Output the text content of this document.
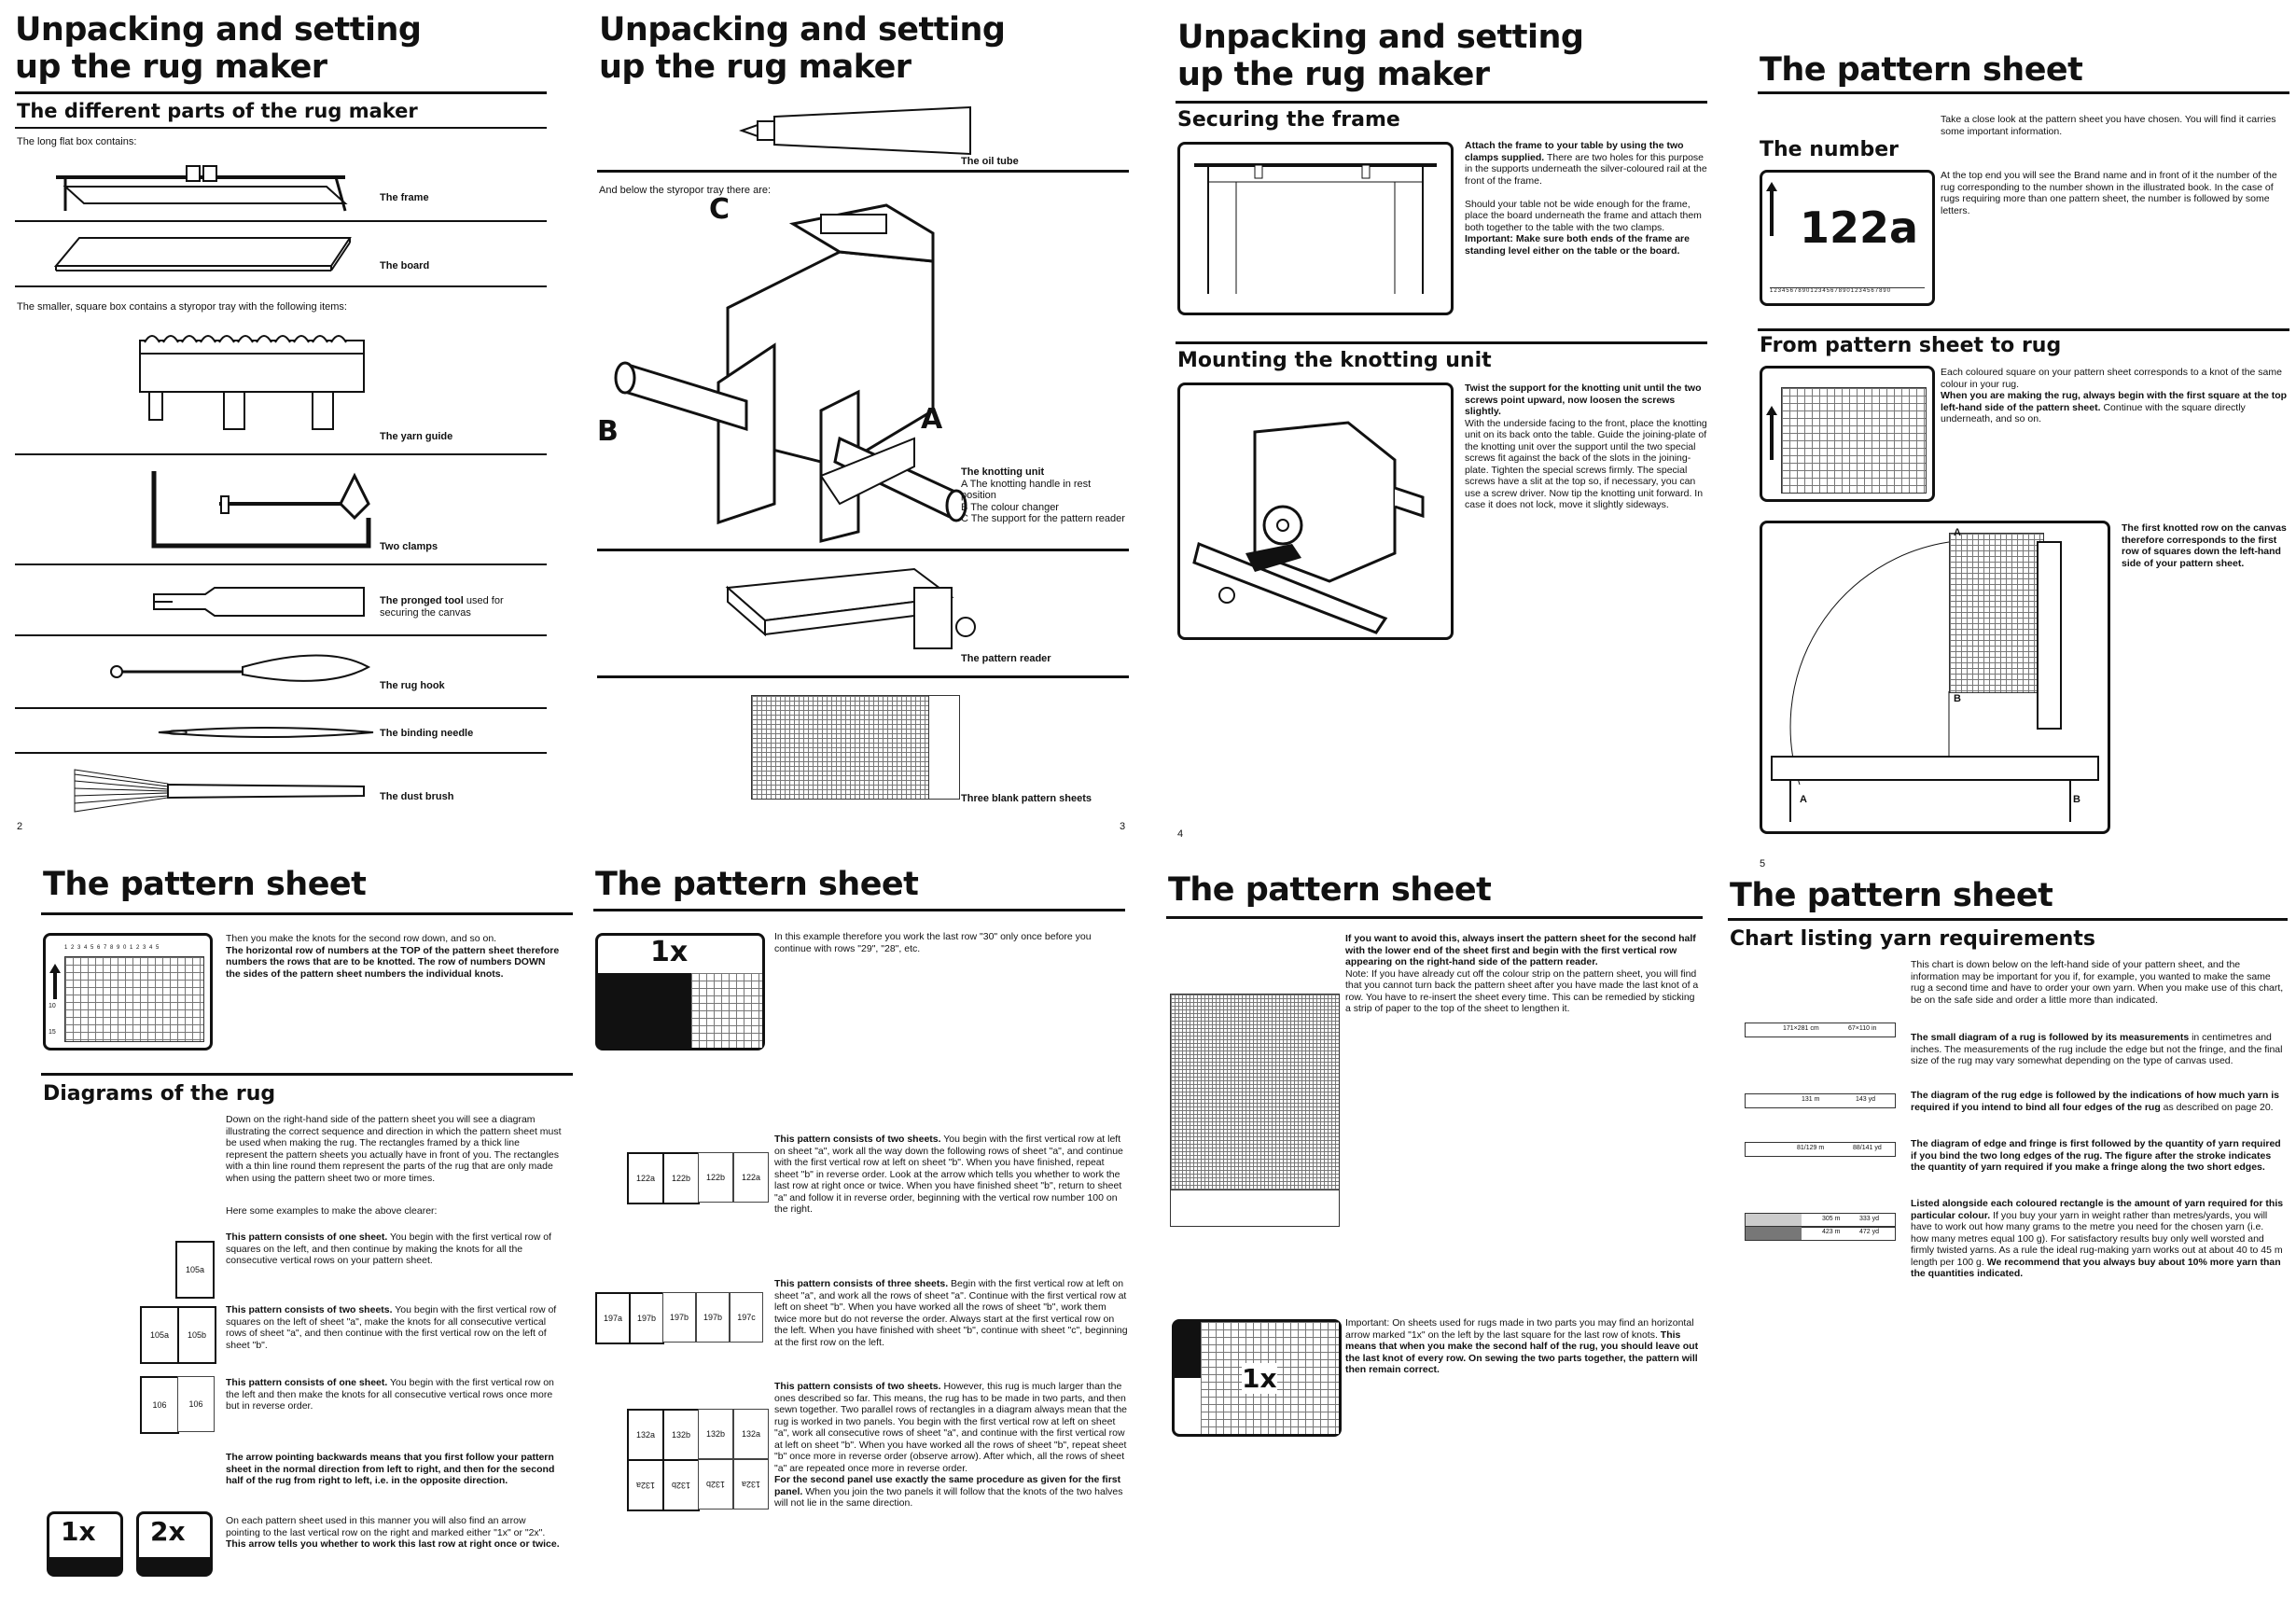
Unpacking and setting up the rug maker
The different parts of the rug maker
The long flat box contains:
The frame
The board
The smaller, square box contains a styropor tray with the following items:
The yarn guide
Two clamps
The pronged tool used for securing the canvas
The rug hook
The binding needle
The dust brush
2
Unpacking and setting up the rug maker
The oil tube
And below the styropor tray there are:
C
B	A
The knotting unit
A The knotting handle in rest position
B The colour changer
C The support for the pattern reader
The pattern reader
Three blank pattern sheets
3
Unpacking and setting up the rug maker
Securing the frame
Attach the frame to your table by using the two clamps supplied. There are two holes for this purpose in the supports underneath the silver-coloured rail at the front of the frame.

Should your table not be wide enough for the frame, place the board underneath the frame and attach them both together to the table with the two clamps.
Important: Make sure both ends of the frame are standing level either on the table or the board.
Mounting the knotting unit
Twist the support for the knotting unit until the two screws point upward, now loosen the screws slightly.
With the underside facing to the front, place the knotting unit on its back onto the table. Guide the joining-plate of the knotting unit over the support until the two special screws fit against the back of the slots in the joining-plate. Tighten the special screws firmly. The special screws have a slit at the top so, if necessary, you can use a screw driver. Now tip the knotting unit forward. In case it does not lock, move it slightly sideways.
4
The pattern sheet
Take a close look at the pattern sheet you have chosen. You will find it carries some important information.
The number
122a
123456789012345678901234567890
At the top end you will see the Brand name and in front of it the number of the rug corresponding to the number shown in the illustrated book. In the case of rugs requiring more than one pattern sheet, the number is followed by some letters.
From pattern sheet to rug
Each coloured square on your pattern sheet corresponds to a knot of the same colour in your rug.
When you are making the rug, always begin with the first square at the top left-hand side of the pattern sheet. Continue with the square directly underneath, and so on.
A
B
A	B
The first knotted row on the canvas therefore corresponds to the first row of squares down the left-hand side of your pattern sheet.
5
The pattern sheet
1 2 3 4 5 6 7 8 9 0 1 2 3 4 5
10
15
Then you make the knots for the second row down, and so on.
The horizontal row of numbers at the TOP of the pattern sheet therefore numbers the rows that are to be knotted. The row of numbers DOWN the sides of the pattern sheet numbers the individual knots.
Diagrams of the rug
Down on the right-hand side of the pattern sheet you will see a diagram illustrating the correct sequence and direction in which the pattern sheet must be used when making the rug. The rectangles framed by a thick line represent the pattern sheets you actually have in front of you. The rectangles with a thin line round them represent the parts of the rug that are only made when using the pattern sheet two or more times.
Here some examples to make the above clearer:
105a
This pattern consists of one sheet. You begin with the first vertical row of squares on the left, and then continue by making the knots for all the consecutive vertical rows on your pattern sheet.
105a	105b
This pattern consists of two sheets. You begin with the first vertical row of squares on the left of sheet "a", make the knots for all consecutive vertical rows of sheet "a", and then continue with the first vertical row on the left of sheet "b".
106	106
This pattern consists of one sheet. You begin with the first vertical row on the left and then make the knots for all consecutive vertical rows once more but in reverse order.
The arrow pointing backwards means that you first follow your pattern sheet in the normal direction from left to right, and then for the second half of the rug from right to left, i.e. in the opposite direction.
1x 2x	On each pattern sheet used in this manner you will also find an arrow pointing to the last vertical row on the right and marked either "1x" or "2x". This arrow tells you whether to work this last row at right once or twice.
The pattern sheet
1x	In this example therefore you work the last row "30" only once before you continue with rows "29", "28", etc.
122a	122b	122b	122a
This pattern consists of two sheets. You begin with the first vertical row at left on sheet "a", work all the way down the following rows of sheet "a", and continue with the first vertical row at left on sheet "b". When you have finished, repeat sheet "b" in reverse order. Look at the arrow which tells you whether to work the last row at right once or twice. When you have finished sheet "b", return to sheet "a" and follow it in reverse order, beginning with the vertical row number 100 on the right.
197a	197b	197b	197b	197c
This pattern consists of three sheets. Begin with the first vertical row at left on sheet "a", and work all the rows of sheet "a". Continue with the first vertical row at left on sheet "b". When you have worked all the rows of sheet "b", work them twice more but do not reverse the order. Always start at the first vertical row on the left. When you have finished with sheet "b", continue with sheet "c", beginning at the first row on the left.
132a	132b	132b	132a
132a	132b	132b	132a
This pattern consists of two sheets. However, this rug is much larger than the ones described so far. This means, the rug has to be made in two parts, and then sewn together. Two parallel rows of rectangles in a diagram always mean that the rug is worked in two panels. You begin with the first vertical row at left on sheet "a", work all consecutive rows of sheet "a", and continue with the first vertical row at left on sheet "b". When you have worked all the rows of sheet "b", repeat sheet "b" once more in reverse order (observe arrow). After which, all the rows of sheet "a" are repeated once more in reverse order.
For the second panel use exactly the same procedure as given for the first panel. When you join the two panels it will follow that the knots of the two halves will not lie in the same direction.
The pattern sheet
If you want to avoid this, always insert the pattern sheet for the second half with the lower end of the sheet first and begin with the first vertical row appearing on the right-hand side of the pattern reader.
Note: If you have already cut off the colour strip on the pattern sheet, you will find that you cannot turn back the pattern sheet after you have made the last knot of a row. You have to re-insert the sheet every time. This can be remedied by sticking a strip of paper to the top of the sheet to lengthen it.
1x
Important: On sheets used for rugs made in two parts you may find an horizontal arrow marked "1x" on the left by the last square for the last row of knots. This means that when you make the second half of the rug, you should leave out the last knot of every row. On sewing the two parts together, the pattern will then remain correct.
The pattern sheet
Chart listing yarn requirements
This chart is down below on the left-hand side of your pattern sheet, and the information may be important for you if, for example, you wanted to make the same rug a second time and have to order your own yarn. When you make use of this chart, be on the safe side and order a little more than indicated.
171×281 cm	67×110 in
The small diagram of a rug is followed by its measurements in centimetres and inches. The measurements of the rug include the edge but not the fringe, and the final size of the rug may vary somewhat depending on the type of canvas used.
131 m	143 yd	The diagram of the rug edge is followed by the indications of how much yarn is required if you intend to bind all four edges of the rug as described on page 20.
81/129 m	88/141 yd	The diagram of edge and fringe is first followed by the quantity of yarn required if you bind the two long edges of the rug. The figure after the stroke indicates the quantity of yarn required if you make a fringe along the two short edges.
305 m	333 yd
423 m	472 yd
Listed alongside each coloured rectangle is the amount of yarn required for this particular colour. If you buy your yarn in weight rather than metres/yards, you will have to work out how many grams to the metre you need for the chosen yarn (i.e. how many metres equal 100 g). For satisfactory results buy only well worsted and firmly twisted yarns. As a rule the ideal rug-making yarn works out at about 40 to 45 m length per 100 g. We recommend that you always buy about 10% more yarn than the quantities indicated.
